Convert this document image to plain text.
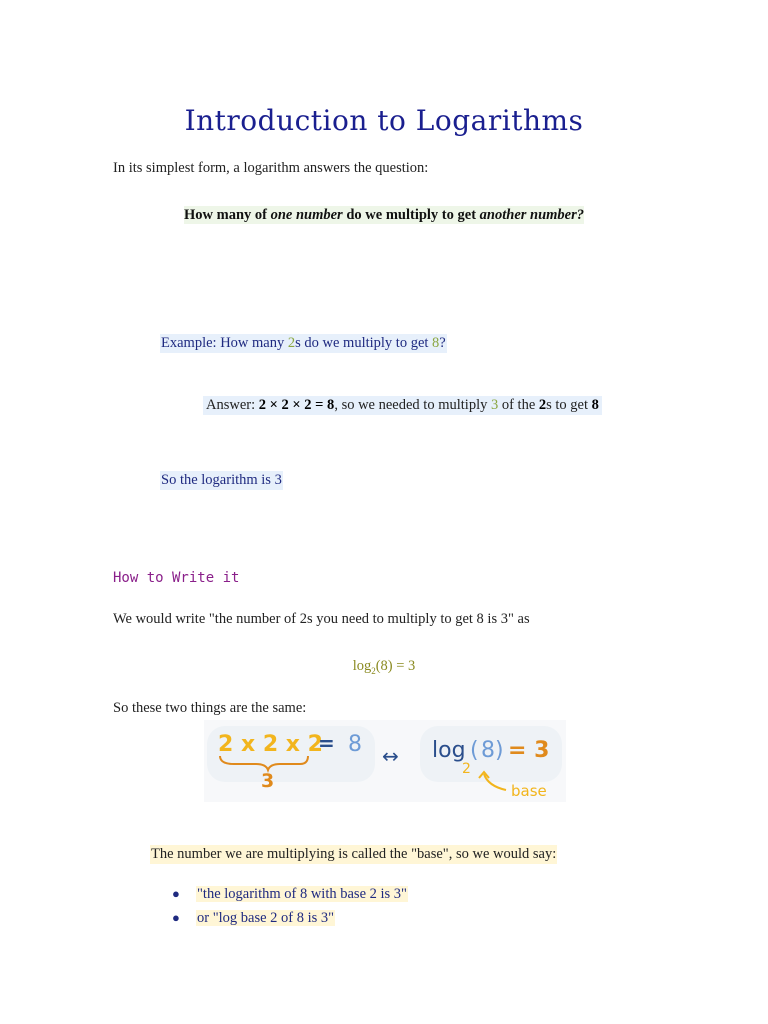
Introduction to Logarithms
In its simplest form, a logarithm answers the question:
How many of one number do we multiply to get another number?
Example: How many 2s do we multiply to get 8?
Answer: 2 × 2 × 2 = 8, so we needed to multiply 3 of the 2s to get 8
So the logarithm is 3
How to Write it
We would write "the number of 2s you need to multiply to get 8 is 3" as
$\log_2(8) = 3$
So these two things are the same:
2 x 2 x 2
= 8
3
↔ log
2
( 8 ) = 3
base
The number we are multiplying is called the "base", so we would say:
● "the logarithm of 8 with base 2 is 3"
● or "log base 2 of 8 is 3"
